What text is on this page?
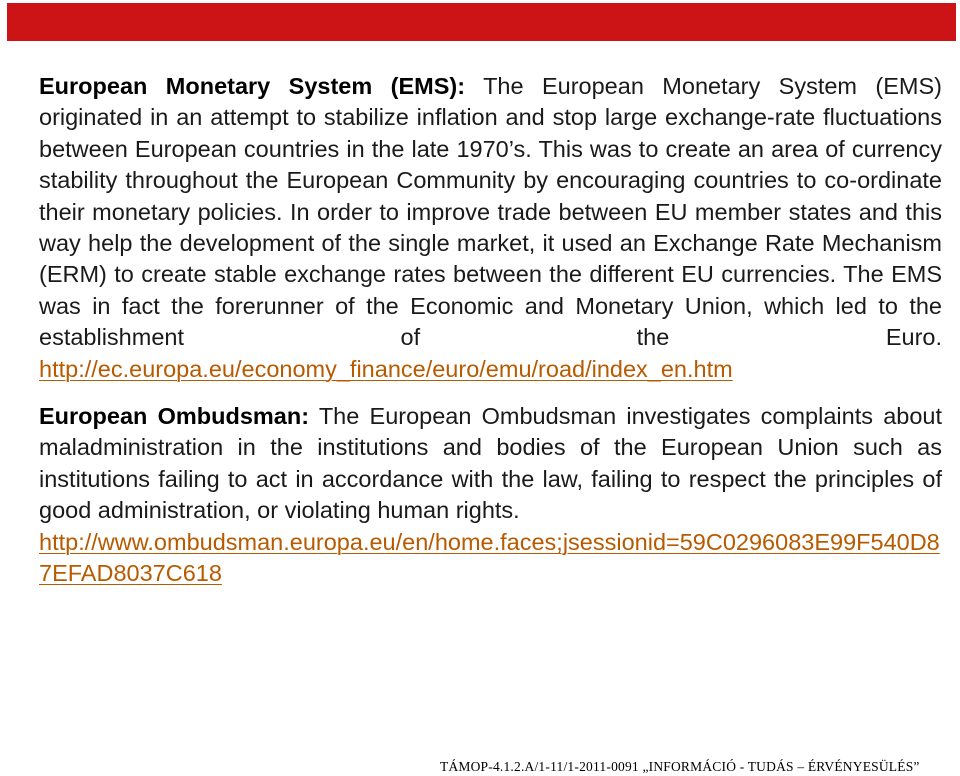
European Monetary System (EMS): The European Monetary System (EMS) originated in an attempt to stabilize inflation and stop large exchange-rate fluctuations between European countries in the late 1970’s. This was to create an area of currency stability throughout the European Community by encouraging countries to co-ordinate their monetary policies. In order to improve trade between EU member states and this way help the development of the single market, it used an Exchange Rate Mechanism (ERM) to create stable exchange rates between the different EU currencies. The EMS was in fact the forerunner of the Economic and Monetary Union, which led to the establishment of the Euro.

http://ec.europa.eu/economy_finance/euro/emu/road/index_en.htm

European Ombudsman: The European Ombudsman investigates complaints about maladministration in the institutions and bodies of the European Union such as institutions failing to act in accordance with the law, failing to respect the principles of good administration, or violating human rights.

http://www.ombudsman.europa.eu/en/home.faces;jsessionid=59C0296083E99F540D87EFAD8037C618
TÁMOP-4.1.2.A/1-11/1-2011-0091 „INFORMÁCIÓ - TUDÁS – ÉRVÉNYESÜLÉS”
